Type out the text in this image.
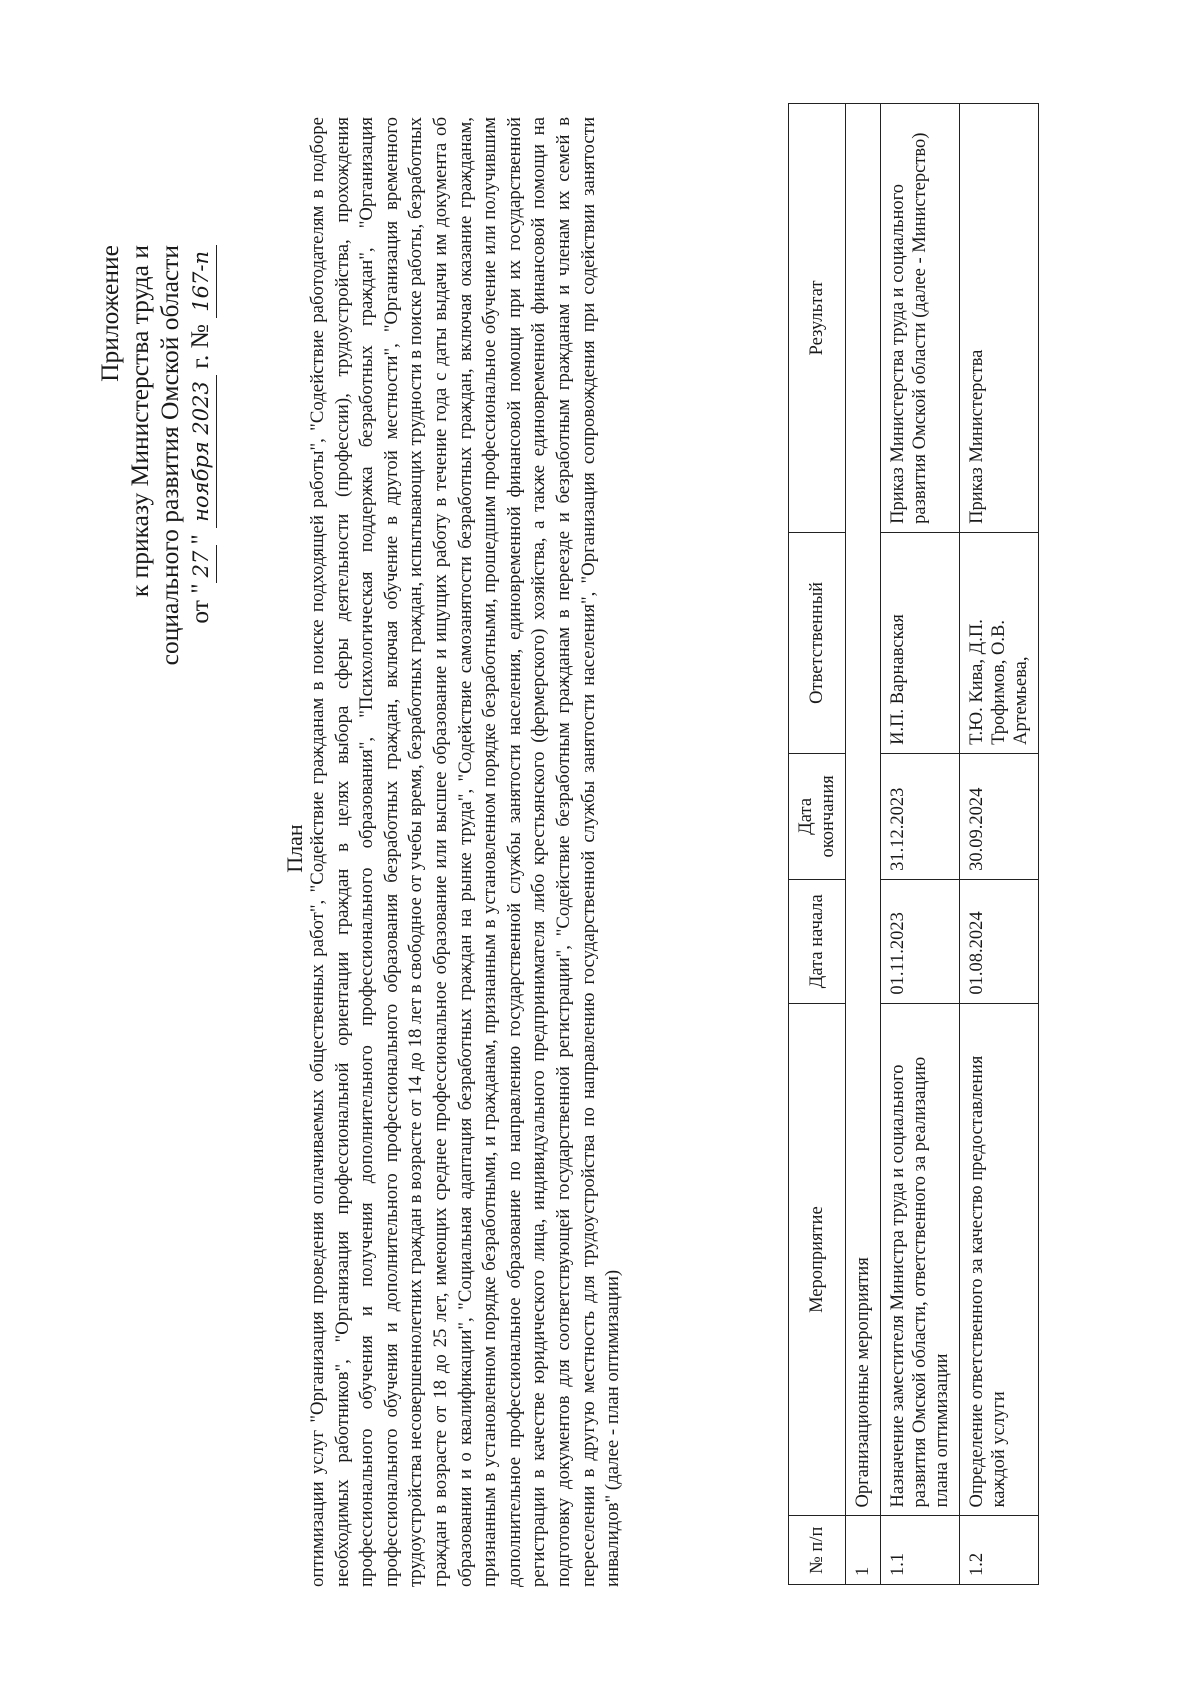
Приложение к приказу Министерства труда и социального развития Омской области от "27" ноября 2023 г. № 167-п
План оптимизации услуг "Организация проведения оплачиваемых общественных работ", "Содействие гражданам в поиске подходящей работы", "Содействие работодателям в подборе необходимых работников", "Организация профессиональной ориентации граждан в целях выбора сферы деятельности (профессии), трудоустройства, прохождения профессионального обучения и получения дополнительного профессионального образования", "Психологическая поддержка безработных граждан", "Организация профессионального обучения и дополнительного профессионального образования безработных граждан, включая обучение в другой местности", "Организация временного трудоустройства несовершеннолетних граждан в возрасте от 14 до 18 лет в свободное от учебы время, безработных граждан, испытывающих трудности в поиске работы, безработных граждан в возрасте от 18 до 25 лет, имеющих среднее профессиональное образование или высшее образование и ищущих работу в течение года с даты выдачи им документа об образовании и о квалификации", "Социальная адаптация безработных граждан на рынке труда", "Содействие самозанятости безработных граждан, включая оказание гражданам, признанным в установленном порядке безработными, и гражданам, признанным в установленном порядке безработными, прошедшим профессиональное обучение или получившим дополнительное профессиональное образование по направлению государственной службы занятости населения, единовременной финансовой помощи при их государственной регистрации в качестве юридического лица, индивидуального предпринимателя либо крестьянского (фермерского) хозяйства, а также единовременной финансовой помощи на подготовку документов для соответствующей государственной регистрации", "Содействие безработным гражданам в переезде и безработным гражданам и членам их семей в переселении в другую местность для трудоустройства по направлению государственной службы занятости населения", "Организация сопровождения при содействии занятости инвалидов" (далее - план оптимизации)	№ п/п	Мероприятие	Дата начала	Дата окончания	Ответственный	Результат
1	Организационные мероприятия				
1.1	Назначение заместителя Министра труда и социального развития Омской области, ответственного за реализацию плана оптимизации	01.11.2023	31.12.2023	И.П. Варнавская	Приказ Министерства труда и социального развития Омской области (далее - Министерство)
1.2	Определение ответственного за качество предоставления каждой услуги	01.08.2024	30.09.2024	Т.Ю. Кива, Д.П. Трофимов, О.В. Артемьева,	Приказ Министерства
